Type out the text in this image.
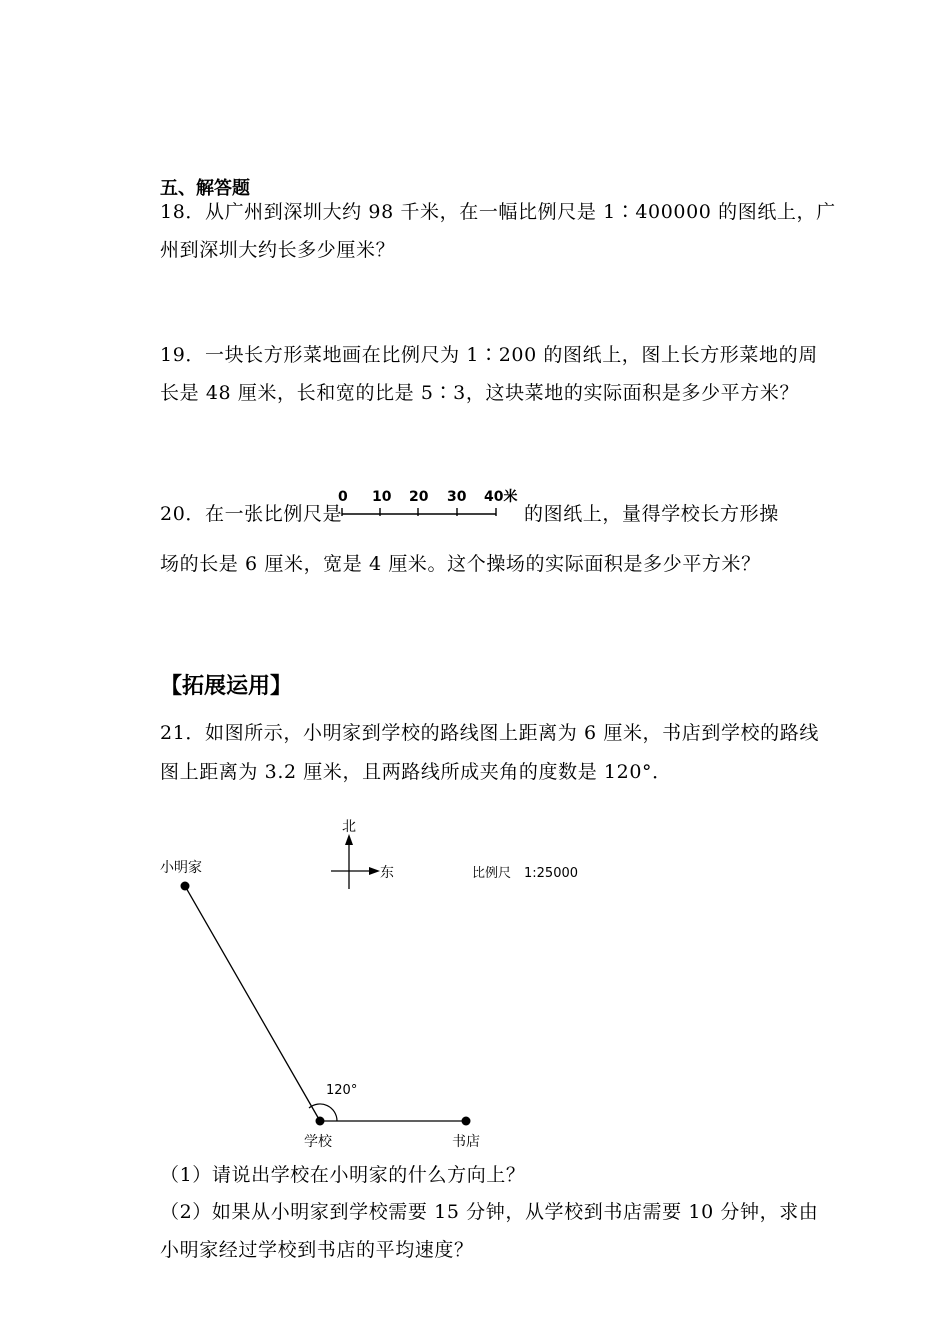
五、解答题
18．从广州到深圳大约 98 千米，在一幅比例尺是 1∶400000 的图纸上，广
州到深圳大约长多少厘米？
19．一块长方形菜地画在比例尺为 1∶200 的图纸上，图上长方形菜地的周
长是 48 厘米，长和宽的比是 5∶3，这块菜地的实际面积是多少平方米？
20．在一张比例尺是
0 10 20 30 40米
的图纸上，量得学校长方形操
场的长是 6 厘米，宽是 4 厘米。这个操场的实际面积是多少平方米？
【拓展运用】
21．如图所示，小明家到学校的路线图上距离为 6 厘米，书店到学校的路线
图上距离为 3.2 厘米，且两路线所成夹角的度数是 120°．
北
东	比例尺 1:25000
小明家
120°
学校	书店
（1）请说出学校在小明家的什么方向上？
（2）如果从小明家到学校需要 15 分钟，从学校到书店需要 10 分钟，求由
小明家经过学校到书店的平均速度？
